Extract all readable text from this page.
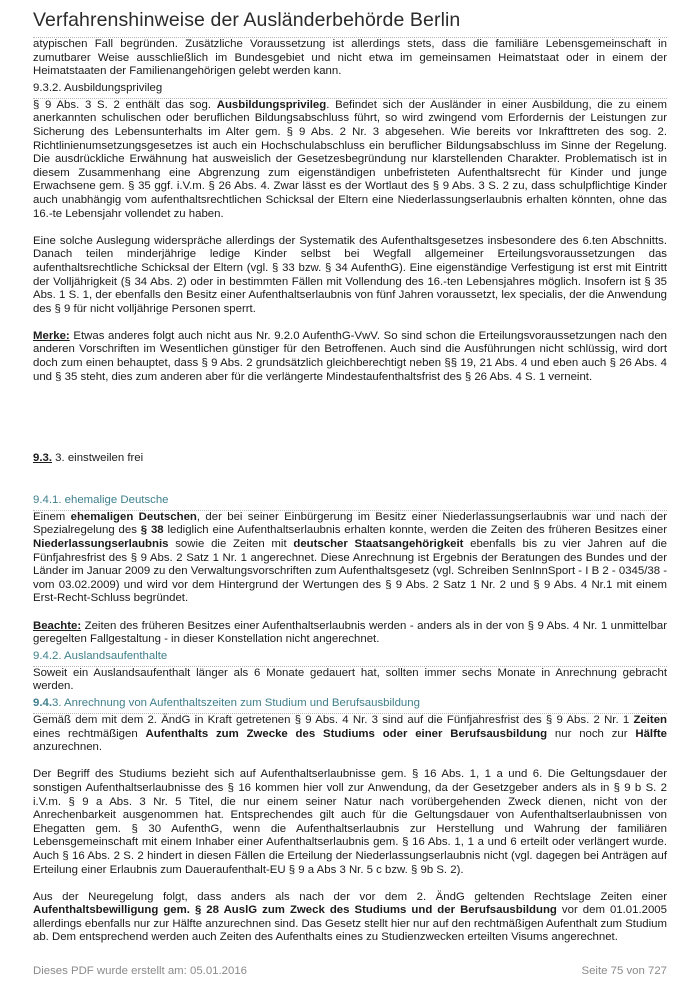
Verfahrenshinweise der Ausländerbehörde Berlin

atypischen Fall begründen. Zusätzliche Voraussetzung ist allerdings stets, dass die familiäre Lebensgemeinschaft in zumutbarer Weise ausschließlich im Bundesgebiet und nicht etwa im gemeinsamen Heimatstaat oder in einem der Heimatstaaten der Familienangehörigen gelebt werden kann.

9.3.2. Ausbildungsprivileg

§ 9 Abs. 3 S. 2 enthält das sog. Ausbildungsprivileg. Befindet sich der Ausländer in einer Ausbildung, die zu einem anerkannten schulischen oder beruflichen Bildungsabschluss führt, so wird zwingend vom Erfordernis der Leistungen zur Sicherung des Lebensunterhalts im Alter gem. § 9 Abs. 2 Nr. 3 abgesehen. Wie bereits vor Inkrafttreten des sog. 2. Richtlinienumsetzungsgesetzes ist auch ein Hochschulabschluss ein beruflicher Bildungsabschluss im Sinne der Regelung. Die ausdrückliche Erwähnung hat ausweislich der Gesetzesbegründung nur klarstellenden Charakter. Problematisch ist in diesem Zusammenhang eine Abgrenzung zum eigenständigen unbefristeten Aufenthaltsrecht für Kinder und junge Erwachsene gem. § 35 ggf. i.V.m. § 26 Abs. 4. Zwar lässt es der Wortlaut des § 9 Abs. 3 S. 2 zu, dass schulpflichtige Kinder auch unabhängig vom aufenthaltsrechtlichen Schicksal der Eltern eine Niederlassungserlaubnis erhalten könnten, ohne das 16.-te Lebensjahr vollendet zu haben.

Eine solche Auslegung widerspräche allerdings der Systematik des Aufenthaltsgesetzes insbesondere des 6.ten Abschnitts. Danach teilen minderjährige ledige Kinder selbst bei Wegfall allgemeiner Erteilungsvoraussetzungen das aufenthaltsrechtliche Schicksal der Eltern (vgl. § 33 bzw. § 34 AufenthG). Eine eigenständige Verfestigung ist erst mit Eintritt der Volljährigkeit (§ 34 Abs. 2) oder in bestimmten Fällen mit Vollendung des 16.-ten Lebensjahres möglich. Insofern ist § 35 Abs. 1 S. 1, der ebenfalls den Besitz einer Aufenthaltserlaubnis von fünf Jahren voraussetzt, lex specialis, der die Anwendung des § 9 für nicht volljährige Personen sperrt.

Merke: Etwas anderes folgt auch nicht aus Nr. 9.2.0 AufenthG-VwV. So sind schon die Erteilungsvoraussetzungen nach den anderen Vorschriften im Wesentlichen günstiger für den Betroffenen. Auch sind die Ausführungen nicht schlüssig, wird dort doch zum einen behauptet, dass § 9 Abs. 2 grundsätzlich gleichberechtigt neben §§ 19, 21 Abs. 4 und eben auch § 26 Abs. 4 und § 35 steht, dies zum anderen aber für die verlängerte Mindestaufenthaltsfrist des § 26 Abs. 4 S. 1 verneint.

9.3. 3. einstweilen frei

9.4.1. ehemalige Deutsche

Einem ehemaligen Deutschen, der bei seiner Einbürgerung im Besitz einer Niederlassungserlaubnis war und nach der Spezialregelung des § 38 lediglich eine Aufenthaltserlaubnis erhalten konnte, werden die Zeiten des früheren Besitzes einer Niederlassungserlaubnis sowie die Zeiten mit deutscher Staatsangehörigkeit ebenfalls bis zu vier Jahren auf die Fünfjahresfrist des § 9 Abs. 2 Satz 1 Nr. 1 angerechnet. Diese Anrechnung ist Ergebnis der Beratungen des Bundes und der Länder im Januar 2009 zu den Verwaltungsvorschriften zum Aufenthaltsgesetz (vgl. Schreiben SenInnSport - I B 2 - 0345/38 - vom 03.02.2009) und wird vor dem Hintergrund der Wertungen des § 9 Abs. 2 Satz 1 Nr. 2 und § 9 Abs. 4 Nr.1 mit einem Erst-Recht-Schluss begründet.

Beachte: Zeiten des früheren Besitzes einer Aufenthaltserlaubnis werden - anders als in der von § 9 Abs. 4 Nr. 1 unmittelbar geregelten Fallgestaltung - in dieser Konstellation nicht angerechnet.

9.4.2. Auslandsaufenthalte

Soweit ein Auslandsaufenthalt länger als 6 Monate gedauert hat, sollten immer sechs Monate in Anrechnung gebracht werden.

9.4.3. Anrechnung von Aufenthaltszeiten zum Studium und Berufsausbildung

Gemäß dem mit dem 2. ÄndG in Kraft getretenen § 9 Abs. 4 Nr. 3 sind auf die Fünfjahresfrist des § 9 Abs. 2 Nr. 1 Zeiten eines rechtmäßigen Aufenthalts zum Zwecke des Studiums oder einer Berufsausbildung nur noch zur Hälfte anzurechnen.

Der Begriff des Studiums bezieht sich auf Aufenthaltserlaubnisse gem. § 16 Abs. 1, 1 a und 6. Die Geltungsdauer der sonstigen Aufenthaltserlaubnisse des § 16 kommen hier voll zur Anwendung, da der Gesetzgeber anders als in § 9 b S. 2 i.V.m. § 9 a Abs. 3 Nr. 5 Titel, die nur einem seiner Natur nach vorübergehenden Zweck dienen, nicht von der Anrechenbarkeit ausgenommen hat. Entsprechendes gilt auch für die Geltungsdauer von Aufenthaltserlaubnissen von Ehegatten gem. § 30 AufenthG, wenn die Aufenthaltserlaubnis zur Herstellung und Wahrung der familiären Lebensgemeinschaft mit einem Inhaber einer Aufenthaltserlaubnis gem. § 16 Abs. 1, 1 a und 6 erteilt oder verlängert wurde. Auch § 16 Abs. 2 S. 2 hindert in diesen Fällen die Erteilung der Niederlassungserlaubnis nicht (vgl. dagegen bei Anträgen auf Erteilung einer Erlaubnis zum Daueraufenthalt-EU § 9 a Abs 3 Nr. 5 c bzw. § 9b S. 2).

Aus der Neuregelung folgt, dass anders als nach der vor dem 2. ÄndG geltenden Rechtslage Zeiten einer Aufenthaltsbewilligung gem. § 28 AuslG zum Zweck des Studiums und der Berufsausbildung vor dem 01.01.2005 allerdings ebenfalls nur zur Hälfte anzurechnen sind. Das Gesetz stellt hier nur auf den rechtmäßigen Aufenthalt zum Studium ab. Dem entsprechend werden auch Zeiten des Aufenthalts eines zu Studienzwecken erteilten Visums angerechnet.

Dieses PDF wurde erstellt am: 05.01.2016	Seite 75 von 727
